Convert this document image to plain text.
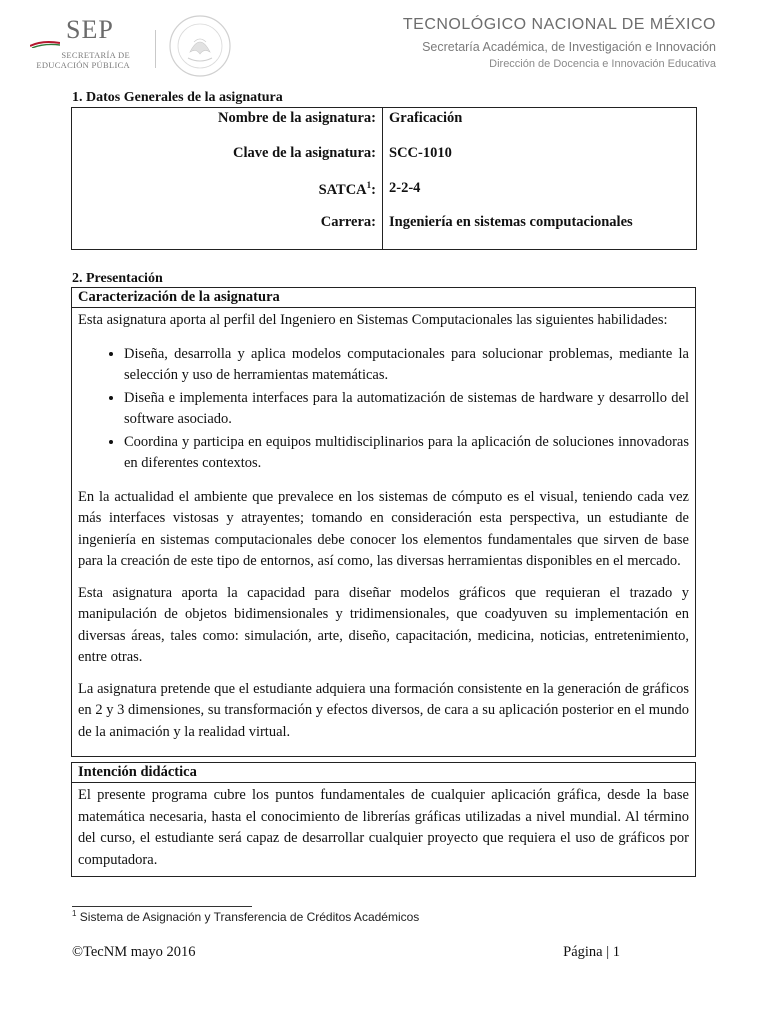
SEP
SECRETARÍA DE
EDUCACIÓN PÚBLICA
TECNOLÓGICO NACIONAL DE MÉXICO
Secretaría Académica, de Investigación e Innovación
Dirección de Docencia e Innovación Educativa
1. Datos Generales de la asignatura
Nombre de la asignatura:	Graficación
Clave de la asignatura:	SCC-1010
SATCA$^1$:	2-2-4
Carrera:	Ingeniería en sistemas computacionales
2. Presentación
Caracterización de la asignatura

Esta asignatura aporta al perfil del Ingeniero en Sistemas Computacionales las siguientes habilidades:

• Diseña, desarrolla y aplica modelos computacionales para solucionar problemas, mediante la selección y uso de herramientas matemáticas.
• Diseña e implementa interfaces para la automatización de sistemas de hardware y desarrollo del software asociado.
• Coordina y participa en equipos multidisciplinarios para la aplicación de soluciones innovadoras en diferentes contextos.

En la actualidad el ambiente que prevalece en los sistemas de cómputo es el visual, teniendo cada vez más interfaces vistosas y atrayentes; tomando en consideración esta perspectiva, un estudiante de ingeniería en sistemas computacionales debe conocer los elementos fundamentales que sirven de base para la creación de este tipo de entornos, así como, las diversas herramientas disponibles en el mercado.

Esta asignatura aporta la capacidad para diseñar modelos gráficos que requieran el trazado y manipulación de objetos bidimensionales y tridimensionales, que coadyuven su implementación en diversas áreas, tales como: simulación, arte, diseño, capacitación, medicina, noticias, entretenimiento, entre otras.

La asignatura pretende que el estudiante adquiera una formación consistente en la generación de gráficos en 2 y 3 dimensiones, su transformación y efectos diversos, de cara a su aplicación posterior en el mundo de la animación y la realidad virtual.

Intención didáctica

El presente programa cubre los puntos fundamentales de cualquier aplicación gráfica, desde la base matemática necesaria, hasta el conocimiento de librerías gráficas utilizadas a nivel mundial. Al término del curso, el estudiante será capaz de desarrollar cualquier proyecto que requiera el uso de gráficos por computadora.

$^1$ Sistema de Asignación y Transferencia de Créditos Académicos
©TecNM mayo 2016	Página | 1
